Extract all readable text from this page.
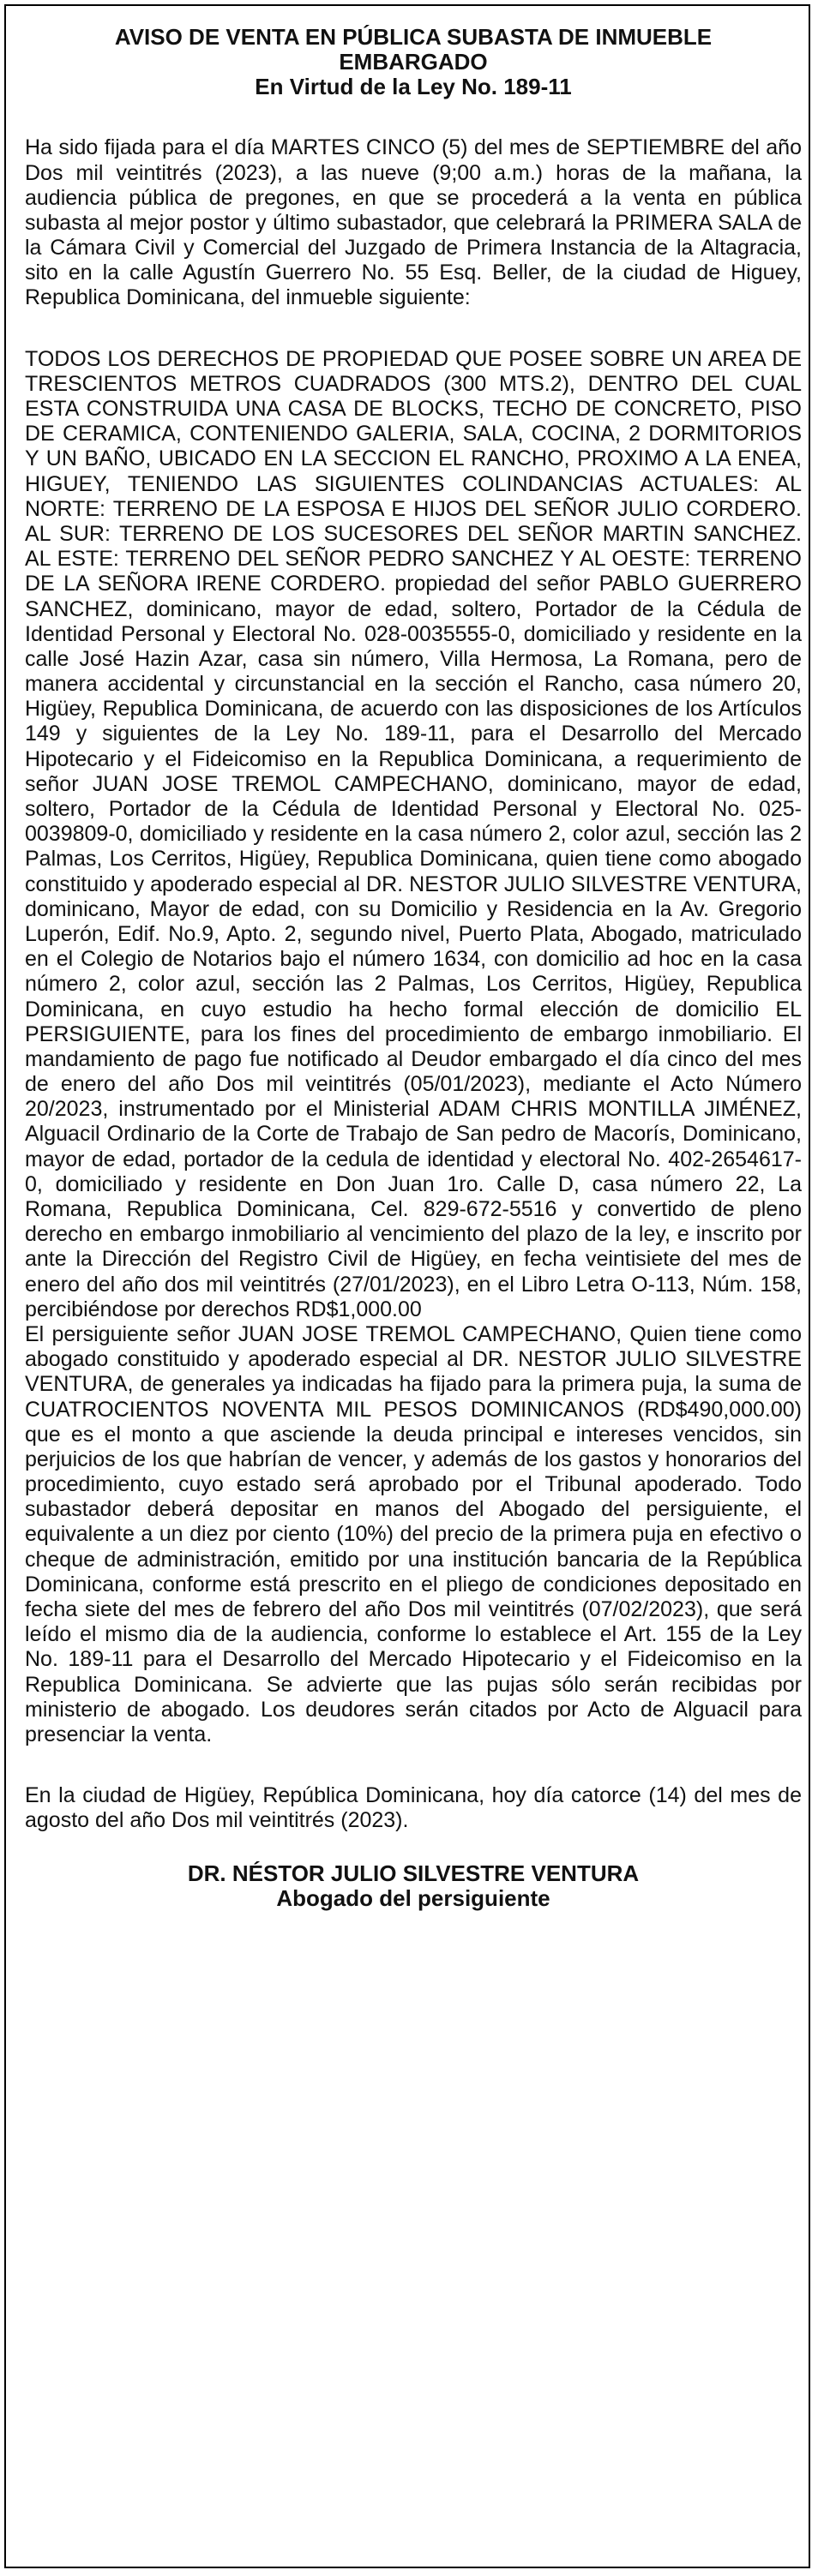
AVISO DE VENTA EN PÚBLICA SUBASTA DE INMUEBLE
EMBARGADO
En Virtud de la Ley No. 189-11

Ha sido fijada para el día MARTES CINCO (5) del mes de SEPTIEMBRE del año Dos mil veintitrés (2023), a las nueve (9;00 a.m.) horas de la mañana, la audiencia pública de pregones, en que se procederá a la venta en pública subasta al mejor postor y último subastador, que celebrará la PRIMERA SALA de la Cámara Civil y Comercial del Juzgado de Primera Instancia de la Altagracia, sito en la calle Agustín Guerrero No. 55 Esq. Beller, de la ciudad de Higuey, Republica Dominicana, del inmueble siguiente:

TODOS LOS DERECHOS DE PROPIEDAD QUE POSEE SOBRE UN AREA DE TRESCIENTOS METROS CUADRADOS (300 MTS.2), DENTRO DEL CUAL ESTA CONSTRUIDA UNA CASA DE BLOCKS, TECHO DE CONCRETO, PISO DE CERAMICA, CONTENIENDO GALERIA, SALA, COCINA, 2 DORMITORIOS Y UN BAÑO, UBICADO EN LA SECCION EL RANCHO, PROXIMO A LA ENEA, HIGUEY, TENIENDO LAS SIGUIENTES COLINDANCIAS ACTUALES: AL NORTE: TERRENO DE LA ESPOSA E HIJOS DEL SEÑOR JULIO CORDERO. AL SUR: TERRENO DE LOS SUCESORES DEL SEÑOR MARTIN SANCHEZ. AL ESTE: TERRENO DEL SEÑOR PEDRO SANCHEZ Y AL OESTE: TERRENO DE LA SEÑORA IRENE CORDERO. propiedad del señor PABLO GUERRERO SANCHEZ, dominicano, mayor de edad, soltero, Portador de la Cédula de Identidad Personal y Electoral No. 028-0035555-0, domiciliado y residente en la calle José Hazin Azar, casa sin número, Villa Hermosa, La Romana, pero de manera accidental y circunstancial en la sección el Rancho, casa número 20, Higüey, Republica Dominicana, de acuerdo con las disposiciones de los Artículos 149 y siguientes de la Ley No. 189-11, para el Desarrollo del Mercado Hipotecario y el Fideicomiso en la Republica Dominicana, a requerimiento de señor JUAN JOSE TREMOL CAMPECHANO, dominicano, mayor de edad, soltero, Portador de la Cédula de Identidad Personal y Electoral No. 025-0039809-0, domiciliado y residente en la casa número 2, color azul, sección las 2 Palmas, Los Cerritos, Higüey, Republica Dominicana, quien tiene como abogado constituido y apoderado especial al DR. NESTOR JULIO SILVESTRE VENTURA, dominicano, Mayor de edad, con su Domicilio y Residencia en la Av. Gregorio Luperón, Edif. No.9, Apto. 2, segundo nivel, Puerto Plata, Abogado, matriculado en el Colegio de Notarios bajo el número 1634, con domicilio ad hoc en la casa número 2, color azul, sección las 2 Palmas, Los Cerritos, Higüey, Republica Dominicana, en cuyo estudio ha hecho formal elección de domicilio EL PERSIGUIENTE, para los fines del procedimiento de embargo inmobiliario. El mandamiento de pago fue notificado al Deudor embargado el día cinco del mes de enero del año Dos mil veintitrés (05/01/2023), mediante el Acto Número 20/2023, instrumentado por el Ministerial ADAM CHRIS MONTILLA JIMÉNEZ, Alguacil Ordinario de la Corte de Trabajo de San pedro de Macorís, Dominicano, mayor de edad, portador de la cedula de identidad y electoral No. 402-2654617-0, domiciliado y residente en Don Juan 1ro. Calle D, casa número 22, La Romana, Republica Dominicana, Cel. 829-672-5516 y convertido de pleno derecho en embargo inmobiliario al vencimiento del plazo de la ley, e inscrito por ante la Dirección del Registro Civil de Higüey, en fecha veintisiete del mes de enero del año dos mil veintitrés (27/01/2023), en el Libro Letra O-113, Núm. 158, percibiéndose por derechos RD$1,000.00

El persiguiente señor JUAN JOSE TREMOL CAMPECHANO, Quien tiene como abogado constituido y apoderado especial al DR. NESTOR JULIO SILVESTRE VENTURA, de generales ya indicadas ha fijado para la primera puja, la suma de CUATROCIENTOS NOVENTA MIL PESOS DOMINICANOS (RD$490,000.00) que es el monto a que asciende la deuda principal e intereses vencidos, sin perjuicios de los que habrían de vencer, y además de los gastos y honorarios del procedimiento, cuyo estado será aprobado por el Tribunal apoderado. Todo subastador deberá depositar en manos del Abogado del persiguiente, el equivalente a un diez por ciento (10%) del precio de la primera puja en efectivo o cheque de administración, emitido por una institución bancaria de la República Dominicana, conforme está prescrito en el pliego de condiciones depositado en fecha siete del mes de febrero del año Dos mil veintitrés (07/02/2023), que será leído el mismo dia de la audiencia, conforme lo establece el Art. 155 de la Ley No. 189-11 para el Desarrollo del Mercado Hipotecario y el Fideicomiso en la Republica Dominicana. Se advierte que las pujas sólo serán recibidas por ministerio de abogado. Los deudores serán citados por Acto de Alguacil para presenciar la venta.

En la ciudad de Higüey, República Dominicana, hoy día catorce (14) del mes de agosto del año Dos mil veintitrés (2023).

DR. NÉSTOR JULIO SILVESTRE VENTURA
Abogado del persiguiente
